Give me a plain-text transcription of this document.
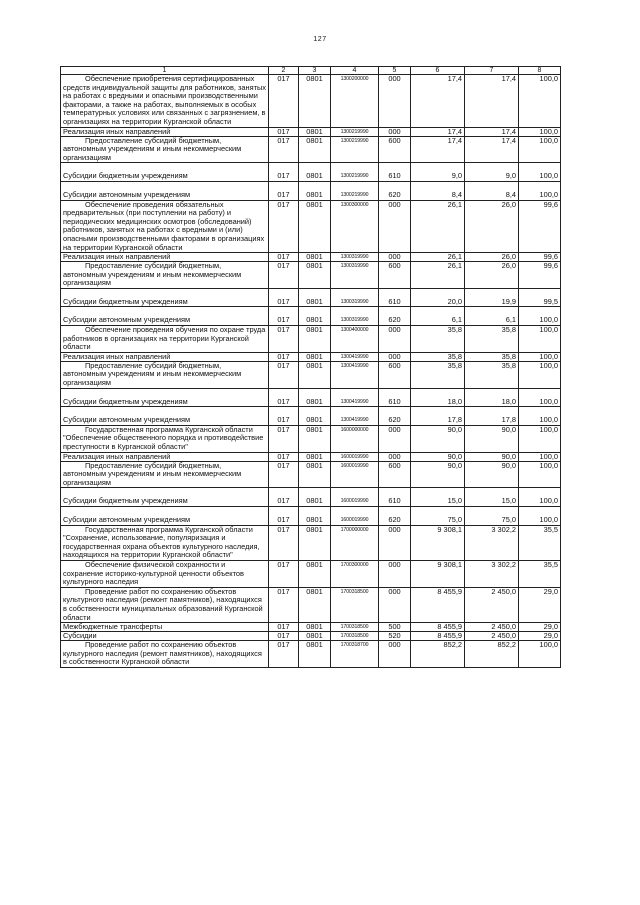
127
1	2	3	4	5	6	7	8
Обеспечение приобретения сертифицированных средств индивидуальной защиты для работников, занятых на работах с вредными и опасными производственными факторами, а также на работах, выполняемых в особых температурных условиях или связанных с загрязнением, в организациях на территории Курганской области	017	0801	1300200000	000	17,4	17,4	100,0
Реализация иных направлений	017	0801	1300219990	000	17,4	17,4	100,0
Предоставление субсидий бюджетным, автономным учреждениям и иным некоммерческим организациям	017	0801	1300219990	600	17,4	17,4	100,0
Субсидии бюджетным учреждениям	017	0801	1300219990	610	9,0	9,0	100,0
Субсидии автономным учреждениям	017	0801	1300219990	620	8,4	8,4	100,0
Обеспечение проведения обязательных предварительных (при поступлении на работу) и периодических медицинских осмотров (обследований) работников, занятых на работах с вредными и (или) опасными производственными факторами в организациях на территории Курганской области	017	0801	1300300000	000	26,1	26,0	99,6
Реализация иных направлений	017	0801	1300319990	000	26,1	26,0	99,6
Предоставление субсидий бюджетным, автономным учреждениям и иным некоммерческим организациям	017	0801	1300319990	600	26,1	26,0	99,6
Субсидии бюджетным учреждениям	017	0801	1300319990	610	20,0	19,9	99,5
Субсидии автономным учреждениям	017	0801	1300319990	620	6,1	6,1	100,0
Обеспечение проведения обучения по охране труда работников в организациях на территории Курганской области	017	0801	1300400000	000	35,8	35,8	100,0
Реализация иных направлений	017	0801	1300419990	000	35,8	35,8	100,0
Предоставление субсидий бюджетным, автономным учреждениям и иным некоммерческим организациям	017	0801	1300419990	600	35,8	35,8	100,0
Субсидии бюджетным учреждениям	017	0801	1300419990	610	18,0	18,0	100,0
Субсидии автономным учреждениям	017	0801	1300419990	620	17,8	17,8	100,0
Государственная программа Курганской области "Обеспечение общественного порядка и противодействие преступности в Курганской области"	017	0801	1600000000	000	90,0	90,0	100,0
Реализация иных направлений	017	0801	1600019990	000	90,0	90,0	100,0
Предоставление субсидий бюджетным, автономным учреждениям и иным некоммерческим организациям	017	0801	1600019990	600	90,0	90,0	100,0
Субсидии бюджетным учреждениям	017	0801	1600019990	610	15,0	15,0	100,0
Субсидии автономным учреждениям	017	0801	1600019990	620	75,0	75,0	100,0
Государственная программа Курганской области "Сохранение, использование, популяризация и государственная охрана объектов культурного наследия, находящихся на территории Курганской области"	017	0801	1700000000	000	9 308,1	3 302,2	35,5
Обеспечение физической сохранности и сохранение историко-культурной ценности объектов культурного наследия	017	0801	1700300000	000	9 308,1	3 302,2	35,5
Проведение работ по сохранению объектов культурного наследия (ремонт памятников), находящихся в собственности муниципальных образований Курганской области	017	0801	1700318500	000	8 455,9	2 450,0	29,0
Межбюджетные трансферты	017	0801	1700318500	500	8 455,9	2 450,0	29,0
Субсидии	017	0801	1700318500	520	8 455,9	2 450,0	29,0
Проведение работ по сохранению объектов культурного наследия (ремонт памятников), находящихся в собственности Курганской области	017	0801	1700318700	000	852,2	852,2	100,0
